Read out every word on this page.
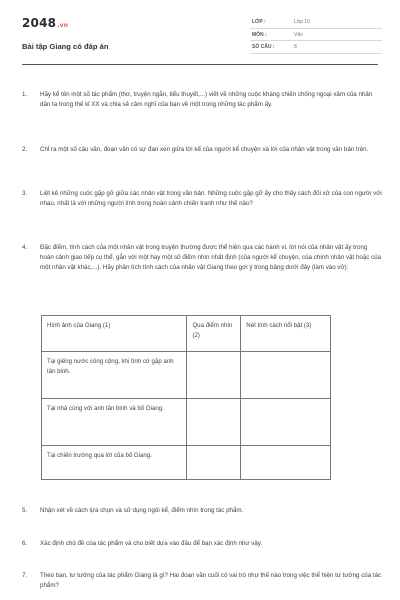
2048.vn
Bài tập Giang có đáp án
LỚP :	Lớp 10
MÔN :	Văn
SỐ CÂU :	8
1. Hãy kể tên một số tác phẩm (thơ, truyện ngắn, tiểu thuyết,...) viết về những cuộc kháng chiến chống ngoại xâm của nhân dân ta trong thế kỉ XX và chia sẻ cảm nghĩ của bạn về một trong những tác phẩm ấy.
2. Chỉ ra một số câu văn, đoạn văn có sự đan xen giữa lời kể của người kể chuyện và lời của nhân vật trong văn bản trên.
3. Liệt kê những cuộc gặp gỡ giữa các nhân vật trong văn bản. Những cuộc gặp gỡ ấy cho thấy cách đối xử của con người với nhau, nhất là với những người lính trong hoàn cảnh chiến tranh như thế nào?
4. Đặc điểm, tính cách của một nhân vật trong truyện thường được thể hiện qua các hành vi, lời nói của nhân vật ấy trong hoàn cảnh giao tiếp cụ thể, gắn với một hay một số điểm nhìn nhất định (của người kể chuyện, của chính nhân vật hoặc của một nhân vật khác,...). Hãy phân tích tính cách của nhân vật Giang theo gợi ý trong bảng dưới đây (làm vào vở):
Hình ảnh của Giang (1)	Qua điểm nhìn (2)	Nét tính cách nổi bật (3)
Tại giếng nước công cộng, khi tình cờ gặp anh tân binh.		
Tại nhà cùng với anh tân binh và bố Giang.		
Tại chiến trường qua lời của bố Giang.		
5. Nhận xét về cách lựa chọn và sử dụng ngôi kể, điểm nhìn trong tác phẩm.
6. Xác định chủ đề của tác phẩm và cho biết dựa vào đâu để bạn xác định như vậy.
7. Theo bạn, tư tưởng của tác phẩm Giang là gì? Hai đoạn văn cuối có vai trò như thế nào trong việc thể hiện tư tưởng của tác phẩm?
